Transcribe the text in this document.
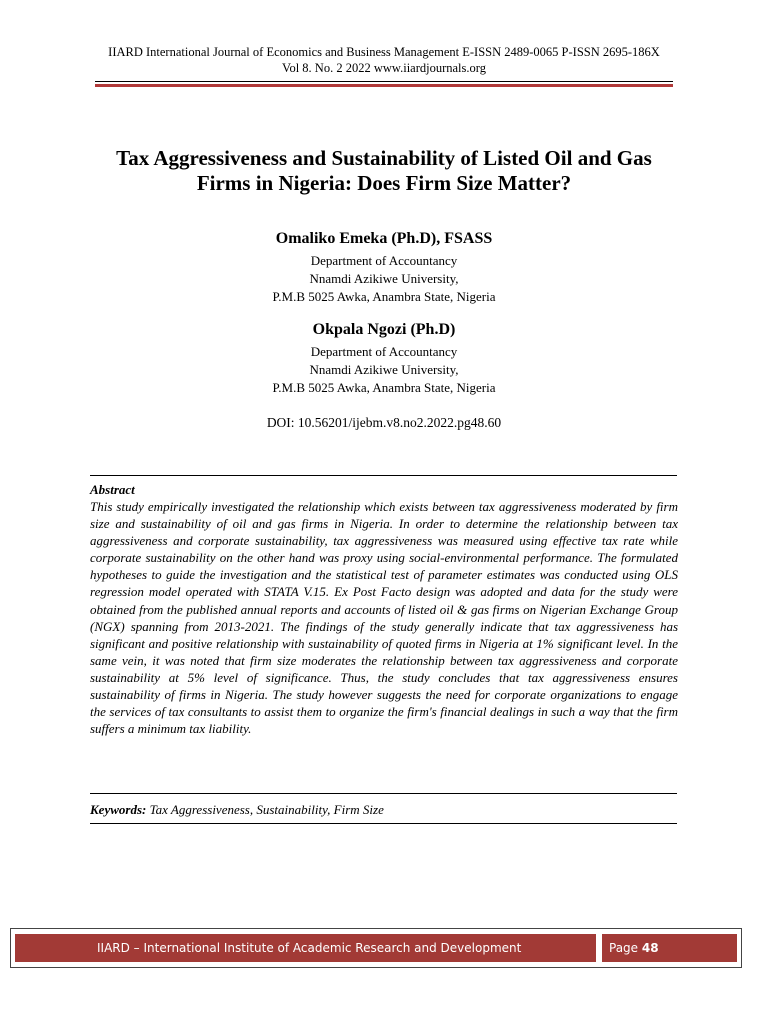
IIARD International Journal of Economics and Business Management E-ISSN 2489-0065 P-ISSN 2695-186X
Vol 8. No. 2 2022 www.iiardjournals.org
Tax Aggressiveness and Sustainability of Listed Oil and Gas
Firms in Nigeria: Does Firm Size Matter?
Omaliko Emeka (Ph.D), FSASS
Department of Accountancy
Nnamdi Azikiwe University,
P.M.B 5025 Awka, Anambra State, Nigeria
Okpala Ngozi (Ph.D)
Department of Accountancy
Nnamdi Azikiwe University,
P.M.B 5025 Awka, Anambra State, Nigeria
DOI: 10.56201/ijebm.v8.no2.2022.pg48.60
Abstract

This study empirically investigated the relationship which exists between tax aggressiveness moderated by firm size and sustainability of oil and gas firms in Nigeria. In order to determine the relationship between tax aggressiveness and corporate sustainability, tax aggressiveness was measured using effective tax rate while corporate sustainability on the other hand was proxy using social-environmental performance. The formulated hypotheses to guide the investigation and the statistical test of parameter estimates was conducted using OLS regression model operated with STATA V.15. Ex Post Facto design was adopted and data for the study were obtained from the published annual reports and accounts of listed oil & gas firms on Nigerian Exchange Group (NGX) spanning from 2013-2021. The findings of the study generally indicate that tax aggressiveness has significant and positive relationship with sustainability of quoted firms in Nigeria at 1% significant level. In the same vein, it was noted that firm size moderates the relationship between tax aggressiveness and corporate sustainability at 5% level of significance. Thus, the study concludes that tax aggressiveness ensures sustainability of firms in Nigeria. The study however suggests the need for corporate organizations to engage the services of tax consultants to assist them to organize the firm's financial dealings in such a way that the firm suffers a minimum tax liability.

Keywords: Tax Aggressiveness, Sustainability, Firm Size
IIARD – International Institute of Academic Research and Development	Page 48
